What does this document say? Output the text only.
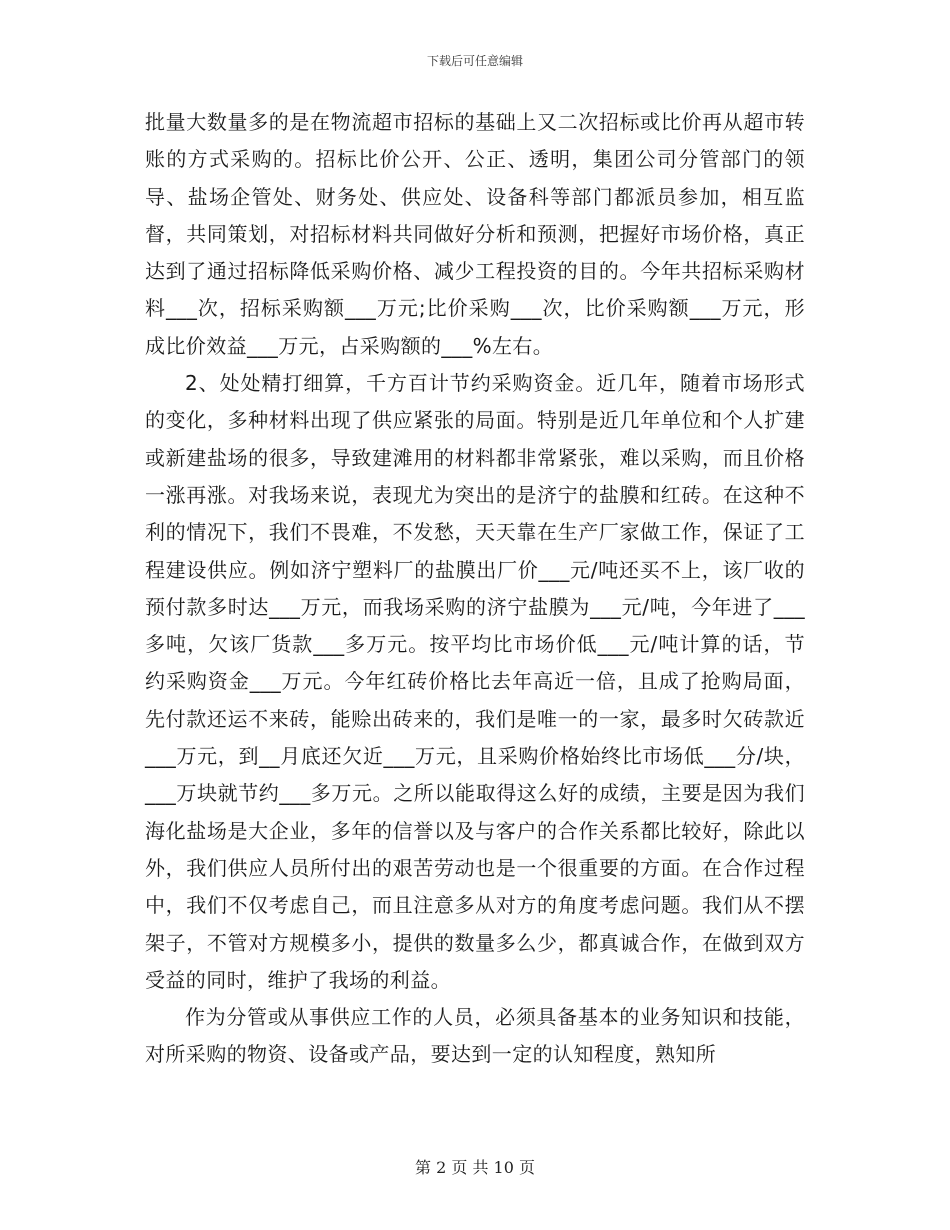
下载后可任意编辑

批量大数量多的是在物流超市招标的基础上又二次招标或比价再从超市转账的方式采购的。招标比价公开、公正、透明，集团公司分管部门的领导、盐场企管处、财务处、供应处、设备科等部门都派员参加，相互监督，共同策划，对招标材料共同做好分析和预测，把握好市场价格，真正达到了通过招标降低采购价格、减少工程投资的目的。今年共招标采购材料___次，招标采购额___万元;比价采购___次，比价采购额___万元，形成比价效益___万元，占采购额的___%左右。

2、处处精打细算，千方百计节约采购资金。近几年，随着市场形式的变化，多种材料出现了供应紧张的局面。特别是近几年单位和个人扩建或新建盐场的很多，导致建滩用的材料都非常紧张，难以采购，而且价格一涨再涨。对我场来说，表现尤为突出的是济宁的盐膜和红砖。在这种不利的情况下，我们不畏难，不发愁，天天靠在生产厂家做工作，保证了工程建设供应。例如济宁塑料厂的盐膜出厂价___元/吨还买不上，该厂收的预付款多时达___万元，而我场采购的济宁盐膜为___元/吨，今年进了___多吨，欠该厂货款___多万元。按平均比市场价低___元/吨计算的话，节约采购资金___万元。今年红砖价格比去年高近一倍，且成了抢购局面，先付款还运不来砖，能赊出砖来的，我们是唯一的一家，最多时欠砖款近___万元，到__月底还欠近___万元，且采购价格始终比市场低___分/块，___万块就节约___多万元。之所以能取得这么好的成绩，主要是因为我们海化盐场是大企业，多年的信誉以及与客户的合作关系都比较好，除此以外，我们供应人员所付出的艰苦劳动也是一个很重要的方面。在合作过程中，我们不仅考虑自己，而且注意多从对方的角度考虑问题。我们从不摆架子，不管对方规模多小，提供的数量多么少，都真诚合作，在做到双方受益的同时，维护了我场的利益。

作为分管或从事供应工作的人员，必须具备基本的业务知识和技能，对所采购的物资、设备或产品，要达到一定的认知程度，熟知所

第 2 页 共 10 页
